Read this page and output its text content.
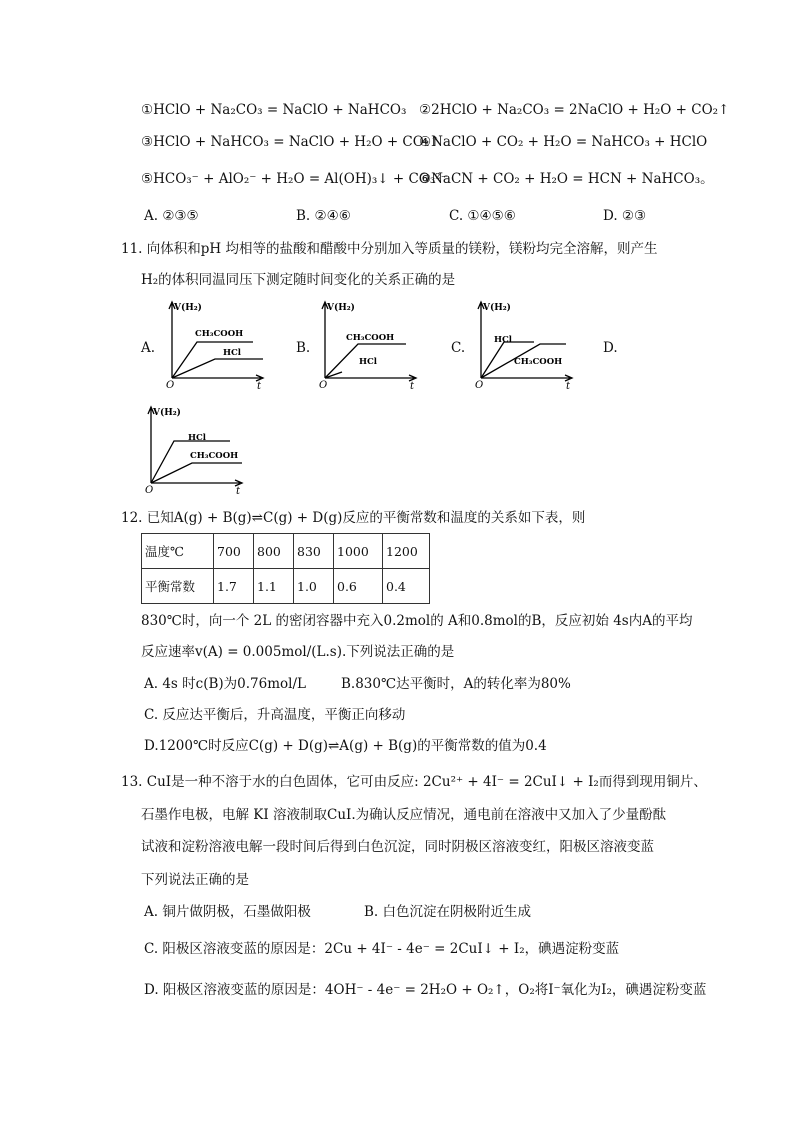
①HClO + Na₂CO₃ = NaClO + NaHCO₃ ②2HClO + Na₂CO₃ = 2NaClO + H₂O + CO₂↑
③HClO + NaHCO₃ = NaClO + H₂O + CO₂↑
④NaClO + CO₂ + H₂O = NaHCO₃ + HClO
⑤HCO₃⁻ + AlO₂⁻ + H₂O = Al(OH)₃↓ + CO₃²⁻
⑥NaCN + CO₂ + H₂O = HCN + NaHCO₃。
A. ②③⑤	B. ②④⑥	C. ①④⑤⑥	D. ②③
11. 向体积和pH 均相等的盐酸和醋酸中分别加入等质量的镁粉，镁粉均完全溶解，则产生
H₂的体积同温同压下测定随时间变化的关系正确的是
A.	B.	C.	D.
V(H₂)
CH₃COOH
HCl
O	t
V(H₂)
CH₃COOH
HCl
O	t
V(H₂)
HCl
CH₃COOH
O	t
V(H₂)
HCl
CH₃COOH
O	t
12. 已知A(g) + B(g)⇌C(g) + D(g)反应的平衡常数和温度的关系如下表，则
温度℃	700	800	830	1000	1200
平衡常数	1.7	1.1	1.0	0.6	0.4
830℃时，向一个 2L 的密闭容器中充入0.2mol的 A和0.8mol的B，反应初始 4s内A的平均
反应速率v(A) = 0.005mol/(L.s).下列说法正确的是
A. 4s 时c(B)为0.76mol/L	B.830℃达平衡时，A的转化率为80%
C. 反应达平衡后，升高温度，平衡正向移动
D.1200℃时反应C(g) + D(g)⇌A(g) + B(g)的平衡常数的值为0.4
13. CuI是一种不溶于水的白色固体，它可由反应: 2Cu²⁺ + 4I⁻ = 2CuI↓ + I₂而得到现用铜片、
石墨作电极，电解 KI 溶液制取CuI.为确认反应情况，通电前在溶液中又加入了少量酚酞
试液和淀粉溶液电解一段时间后得到白色沉淀，同时阴极区溶液变红，阳极区溶液变蓝
下列说法正确的是
A. 铜片做阴极，石墨做阳极	B. 白色沉淀在阴极附近生成
C. 阳极区溶液变蓝的原因是：2Cu + 4I⁻ - 4e⁻ = 2CuI↓ + I₂，碘遇淀粉变蓝
D. 阳极区溶液变蓝的原因是：4OH⁻ - 4e⁻ = 2H₂O + O₂↑，O₂将I⁻氧化为I₂，碘遇淀粉变蓝
